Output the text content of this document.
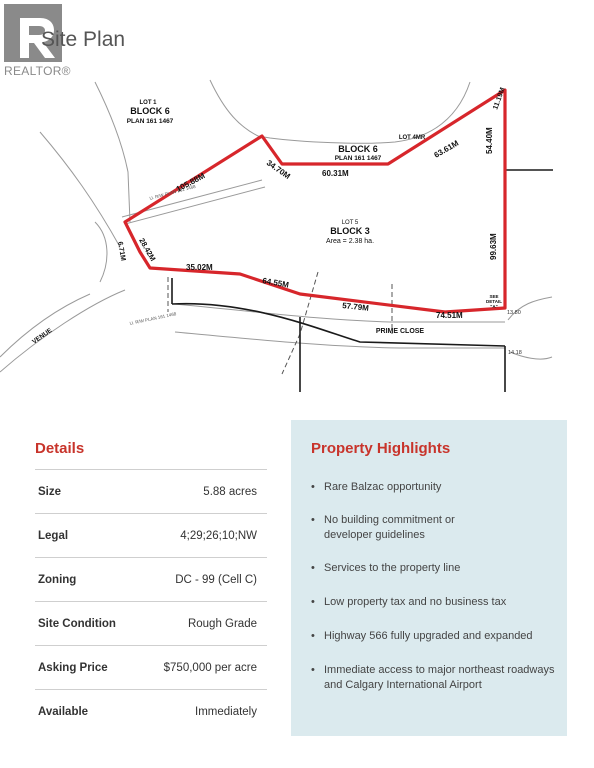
REALTOR®
Site Plan
LOT 1
BLOCK 6
PLAN 161 1467
BLOCK 6
PLAN 161 1467
LOT 4MR
LOT 5
BLOCK 3
Area = 2.38 ha.
PRIME CLOSE
SEE
DETAIL
"A"
U. R/W PLAN 161 1468
U. R/W PLAN 161 1468
VENUE
105.88M
34.70M	60.31M
63.61M
11.19M
54.40M
99.63M
6.71M 28.42M
35.02M
64.55M
57.79M
74.51M	13.80
14.18
Details
Size	5.88 acres
Legal	4;29;26;10;NW
Zoning	DC - 99 (Cell C)
Site Condition	Rough Grade
Asking Price	$750,000 per acre
Available	Immediately
Property Highlights
• Rare Balzac opportunity
• No building commitment or developer guidelines
• Services to the property line
• Low property tax and no business tax
• Highway 566 fully upgraded and expanded
• Immediate access to major northeast roadways and Calgary International Airport
